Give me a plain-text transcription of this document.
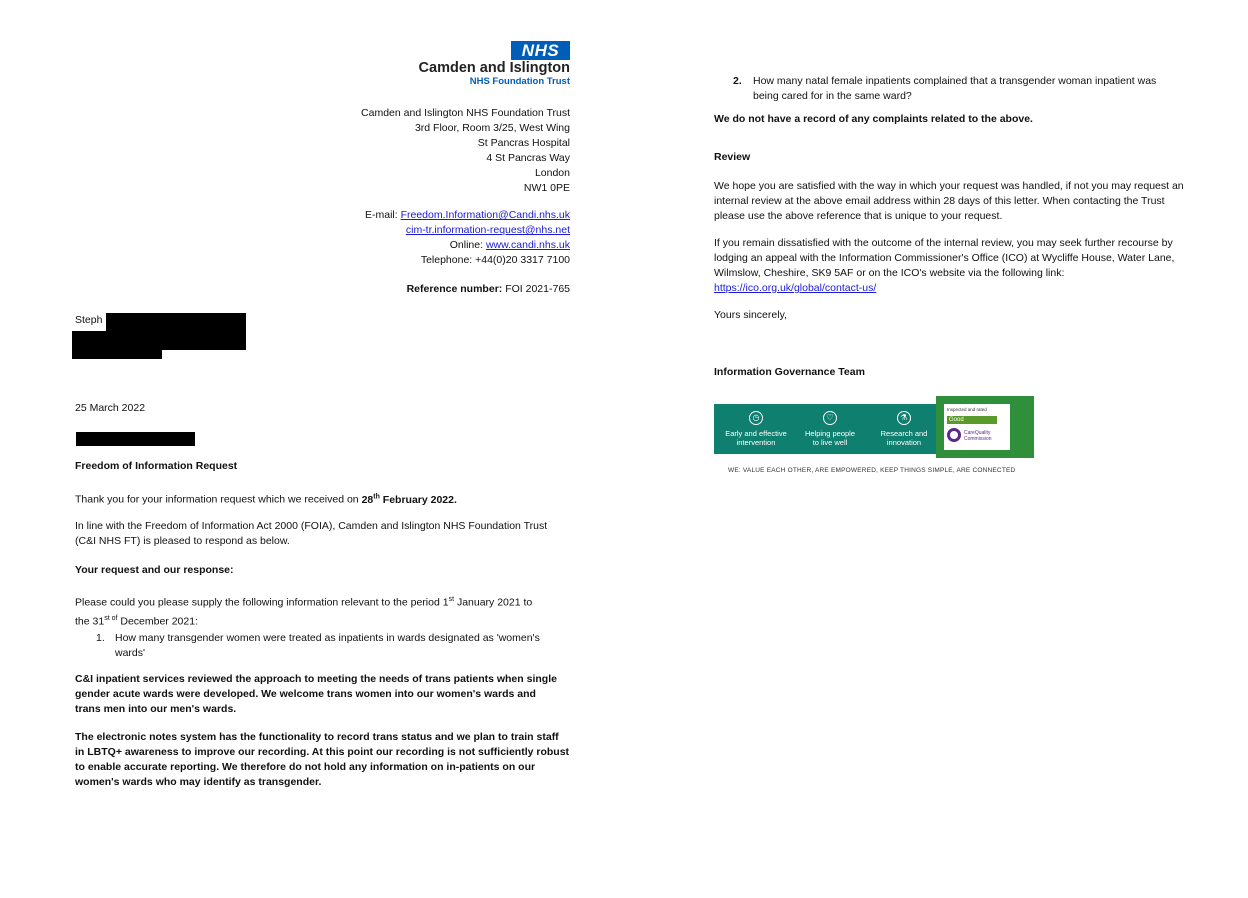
NHS
Camden and Islington
NHS Foundation Trust
Camden and Islington NHS Foundation Trust
3rd Floor, Room 3/25, West Wing
St Pancras Hospital
4 St Pancras Way
London
NW1 0PE
E-mail: Freedom.Information@Candi.nhs.uk
cim-tr.information-request@nhs.net
Online: www.candi.nhs.uk
Telephone: +44(0)20 3317 7100
Reference number: FOI 2021-765
Steph
25 March 2022
Freedom of Information Request
Thank you for your information request which we received on 28th February 2022.
In line with the Freedom of Information Act 2000 (FOIA), Camden and Islington NHS Foundation Trust
(C&I NHS FT) is pleased to respond as below.
Your request and our response:
Please could you please supply the following information relevant to the period 1st January 2021 to
the $31^{st of}$ December 2021:
1. How many transgender women were treated as inpatients in wards designated as 'women's
wards'
C&I inpatient services reviewed the approach to meeting the needs of trans patients when single
gender acute wards were developed. We welcome trans women into our women's wards and
trans men into our men's wards.
The electronic notes system has the functionality to record trans status and we plan to train staff
in LBTQ+ awareness to improve our recording. At this point our recording is not sufficiently robust
to enable accurate reporting. We therefore do not hold any information on in-patients on our
women's wards who may identify as transgender.
2. How many natal female inpatients complained that a transgender woman inpatient was
being cared for in the same ward?
We do not have a record of any complaints related to the above.
Review
We hope you are satisfied with the way in which your request was handled, if not you may request an
internal review at the above email address within 28 days of this letter. When contacting the Trust
please use the above reference that is unique to your request.
If you remain dissatisfied with the outcome of the internal review, you may seek further recourse by
lodging an appeal with the Information Commissioner's Office (ICO) at Wycliffe House, Water Lane,
Wilmslow, Cheshire, SK9 5AF or on the ICO's website via the following link:
https://ico.org.uk/global/contact-us/
Yours sincerely,
Information Governance Team
◷
Early and effective
intervention
♡
Helping people
to live well
⚗
Research and
innovation
Inspected and rated
Good
CareQuality
Commission
WE: VALUE EACH OTHER, ARE EMPOWERED, KEEP THINGS SIMPLE, ARE CONNECTED
